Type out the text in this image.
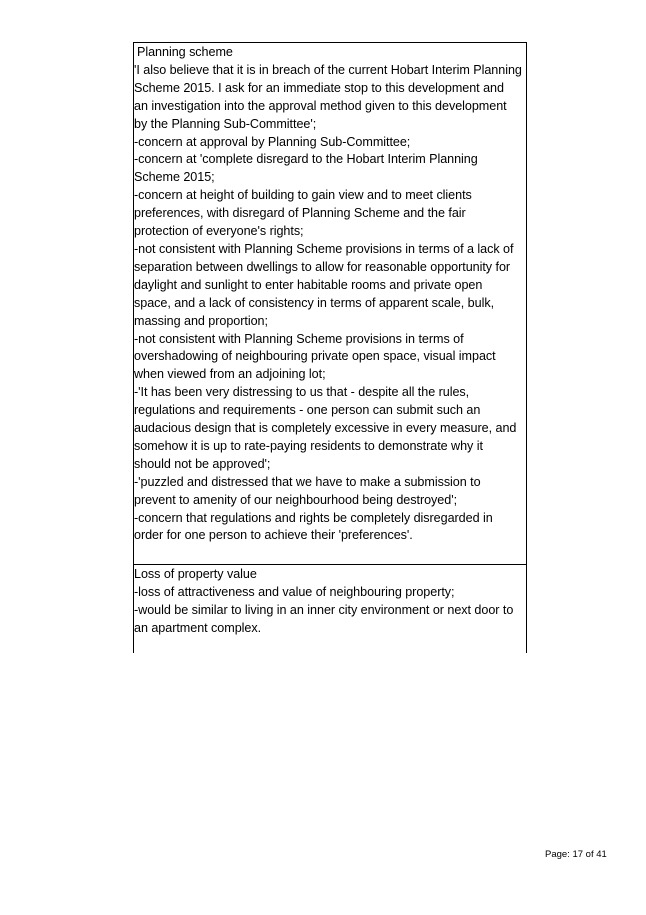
Planning scheme

'I also believe that it is in breach of the current Hobart Interim Planning

Scheme 2015. I ask for an immediate stop to this development and

an investigation into the approval method given to this development

by the Planning Sub-Committee';

-concern at approval by Planning Sub-Committee;

-concern at 'complete disregard to the Hobart Interim Planning

Scheme 2015;

-concern at height of building to gain view and to meet clients

preferences, with disregard of Planning Scheme and the fair

protection of everyone's rights;

-not consistent with Planning Scheme provisions in terms of a lack of

separation between dwellings to allow for reasonable opportunity for

daylight and sunlight to enter habitable rooms and private open

space, and a lack of consistency in terms of apparent scale, bulk,

massing and proportion;

-not consistent with Planning Scheme provisions in terms of

overshadowing of neighbouring private open space, visual impact

when viewed from an adjoining lot;

-'It has been very distressing to us that - despite all the rules,

regulations and requirements - one person can submit such an

audacious design that is completely excessive in every measure, and

somehow it is up to rate-paying residents to demonstrate why it

should not be approved';

-'puzzled and distressed that we have to make a submission to

prevent to amenity of our neighbourhood being destroyed';

-concern that regulations and rights be completely disregarded in

order for one person to achieve their 'preferences'.

Loss of property value

-loss of attractiveness and value of neighbouring property;

-would be similar to living in an inner city environment or next door to

an apartment complex.

Page: 17 of 41
